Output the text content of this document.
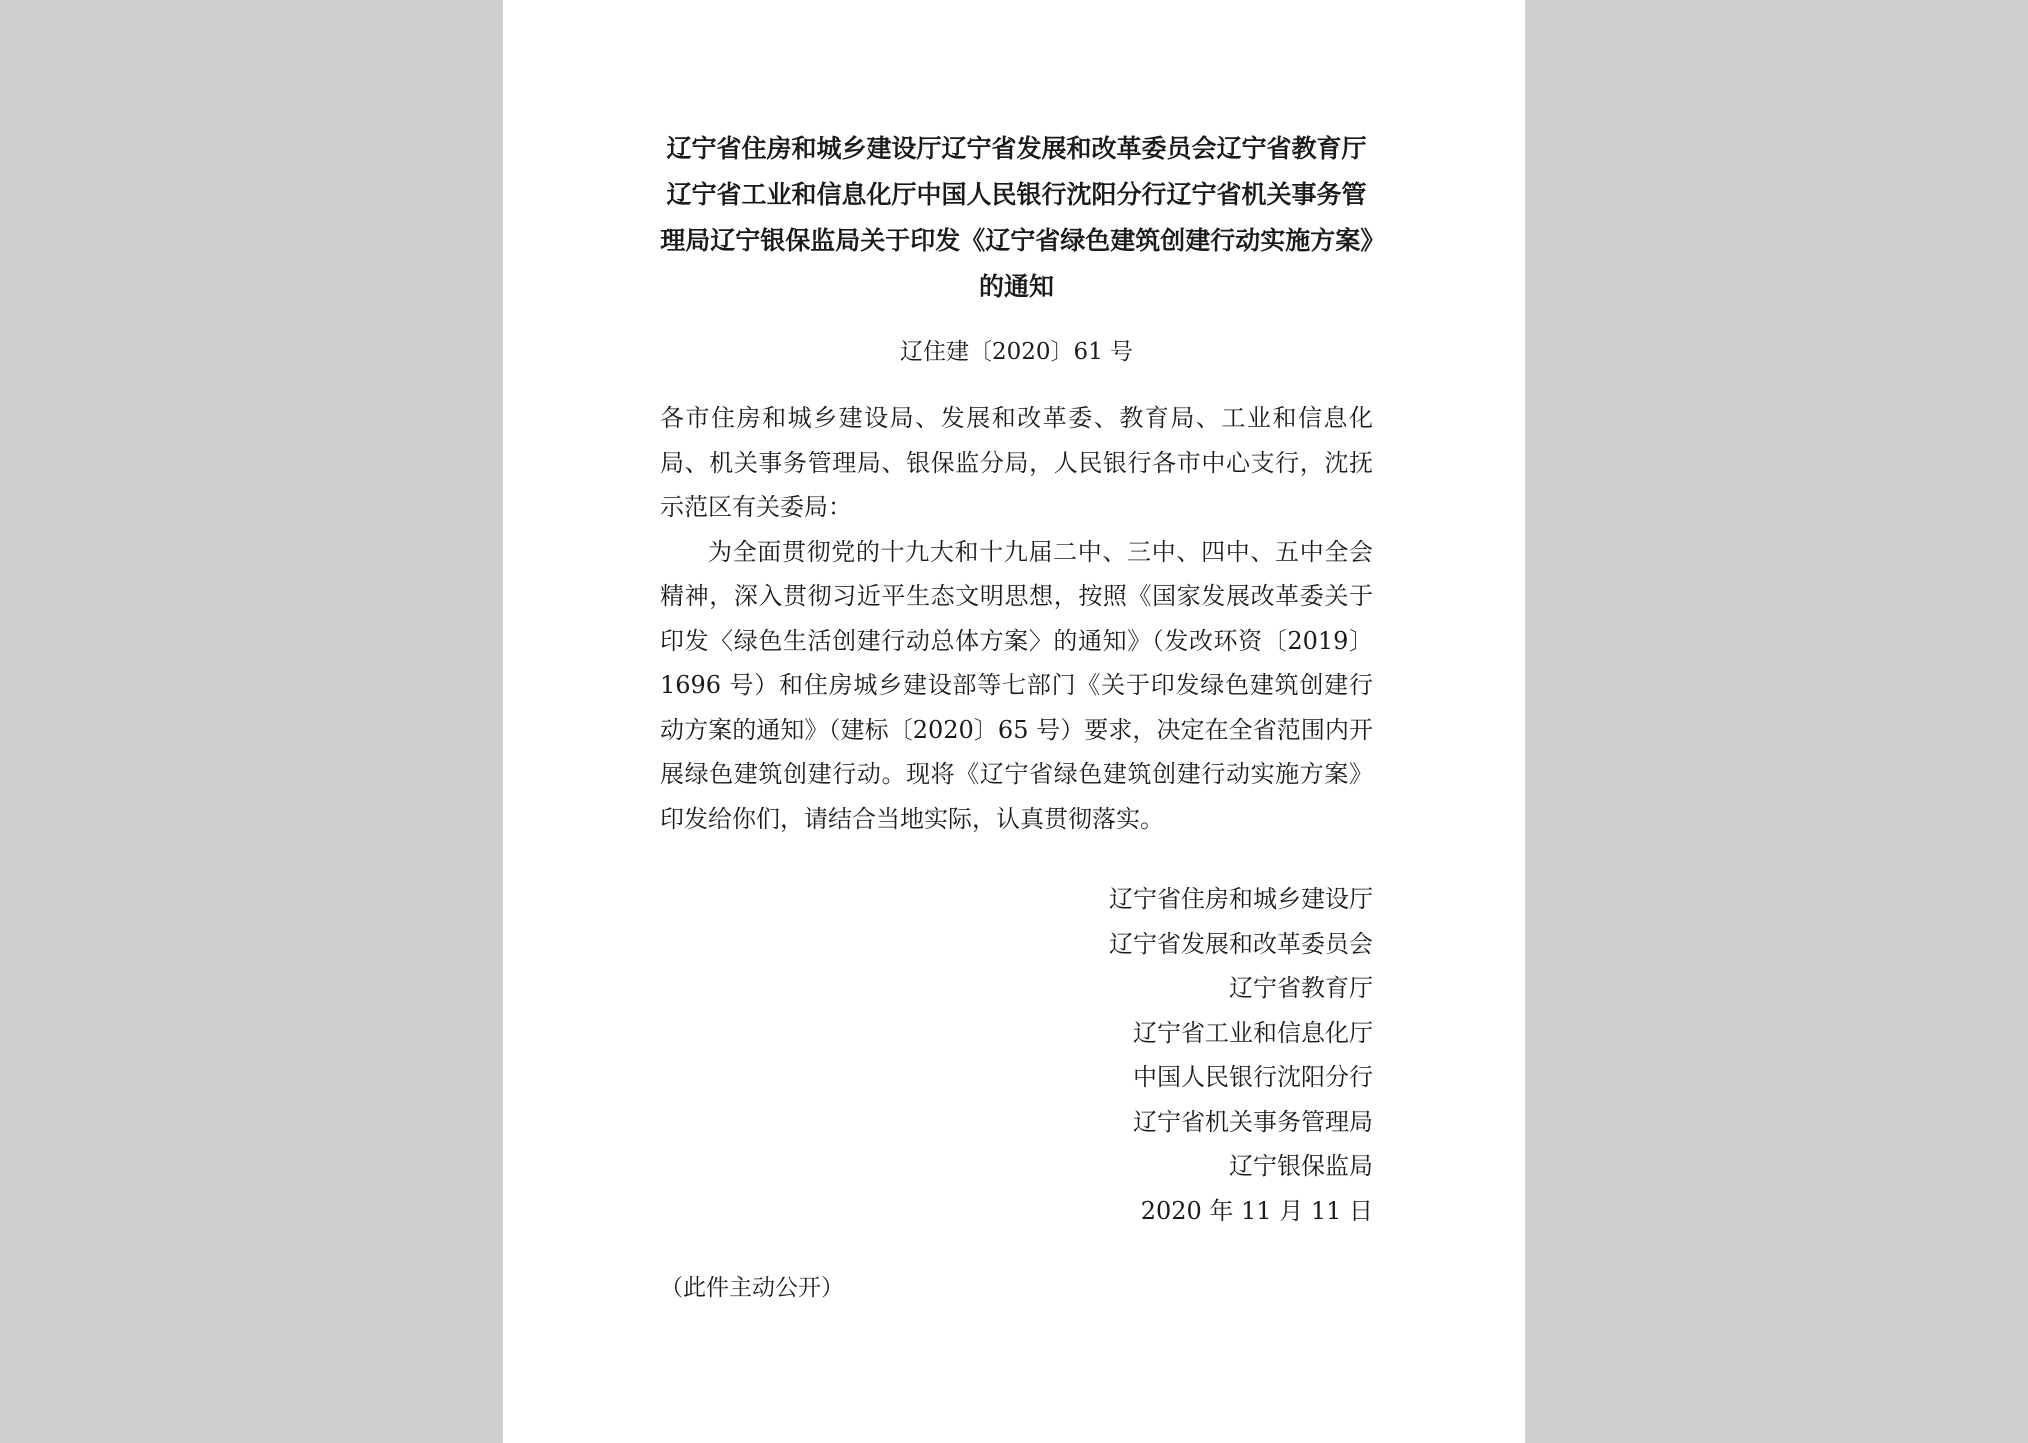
辽宁省住房和城乡建设厅辽宁省发展和改革委员会辽宁省教育厅辽宁省工业和信息化厅中国人民银行沈阳分行辽宁省机关事务管理局辽宁银保监局关于印发《辽宁省绿色建筑创建行动实施方案》的通知
辽住建〔2020〕61 号

各市住房和城乡建设局、发展和改革委、教育局、工业和信息化局、机关事务管理局、银保监分局，人民银行各市中心支行，沈抚示范区有关委局：

为全面贯彻党的十九大和十九届二中、三中、四中、五中全会精神，深入贯彻习近平生态文明思想，按照《国家发展改革委关于印发〈绿色生活创建行动总体方案〉的通知》（发改环资〔2019〕1696 号）和住房城乡建设部等七部门《关于印发绿色建筑创建行动方案的通知》（建标〔2020〕65 号）要求，决定在全省范围内开展绿色建筑创建行动。现将《辽宁省绿色建筑创建行动实施方案》印发给你们，请结合当地实际，认真贯彻落实。

辽宁省住房和城乡建设厅
辽宁省发展和改革委员会
辽宁省教育厅
辽宁省工业和信息化厅
中国人民银行沈阳分行
辽宁省机关事务管理局
辽宁银保监局
2020 年 11 月 11 日
（此件主动公开）
